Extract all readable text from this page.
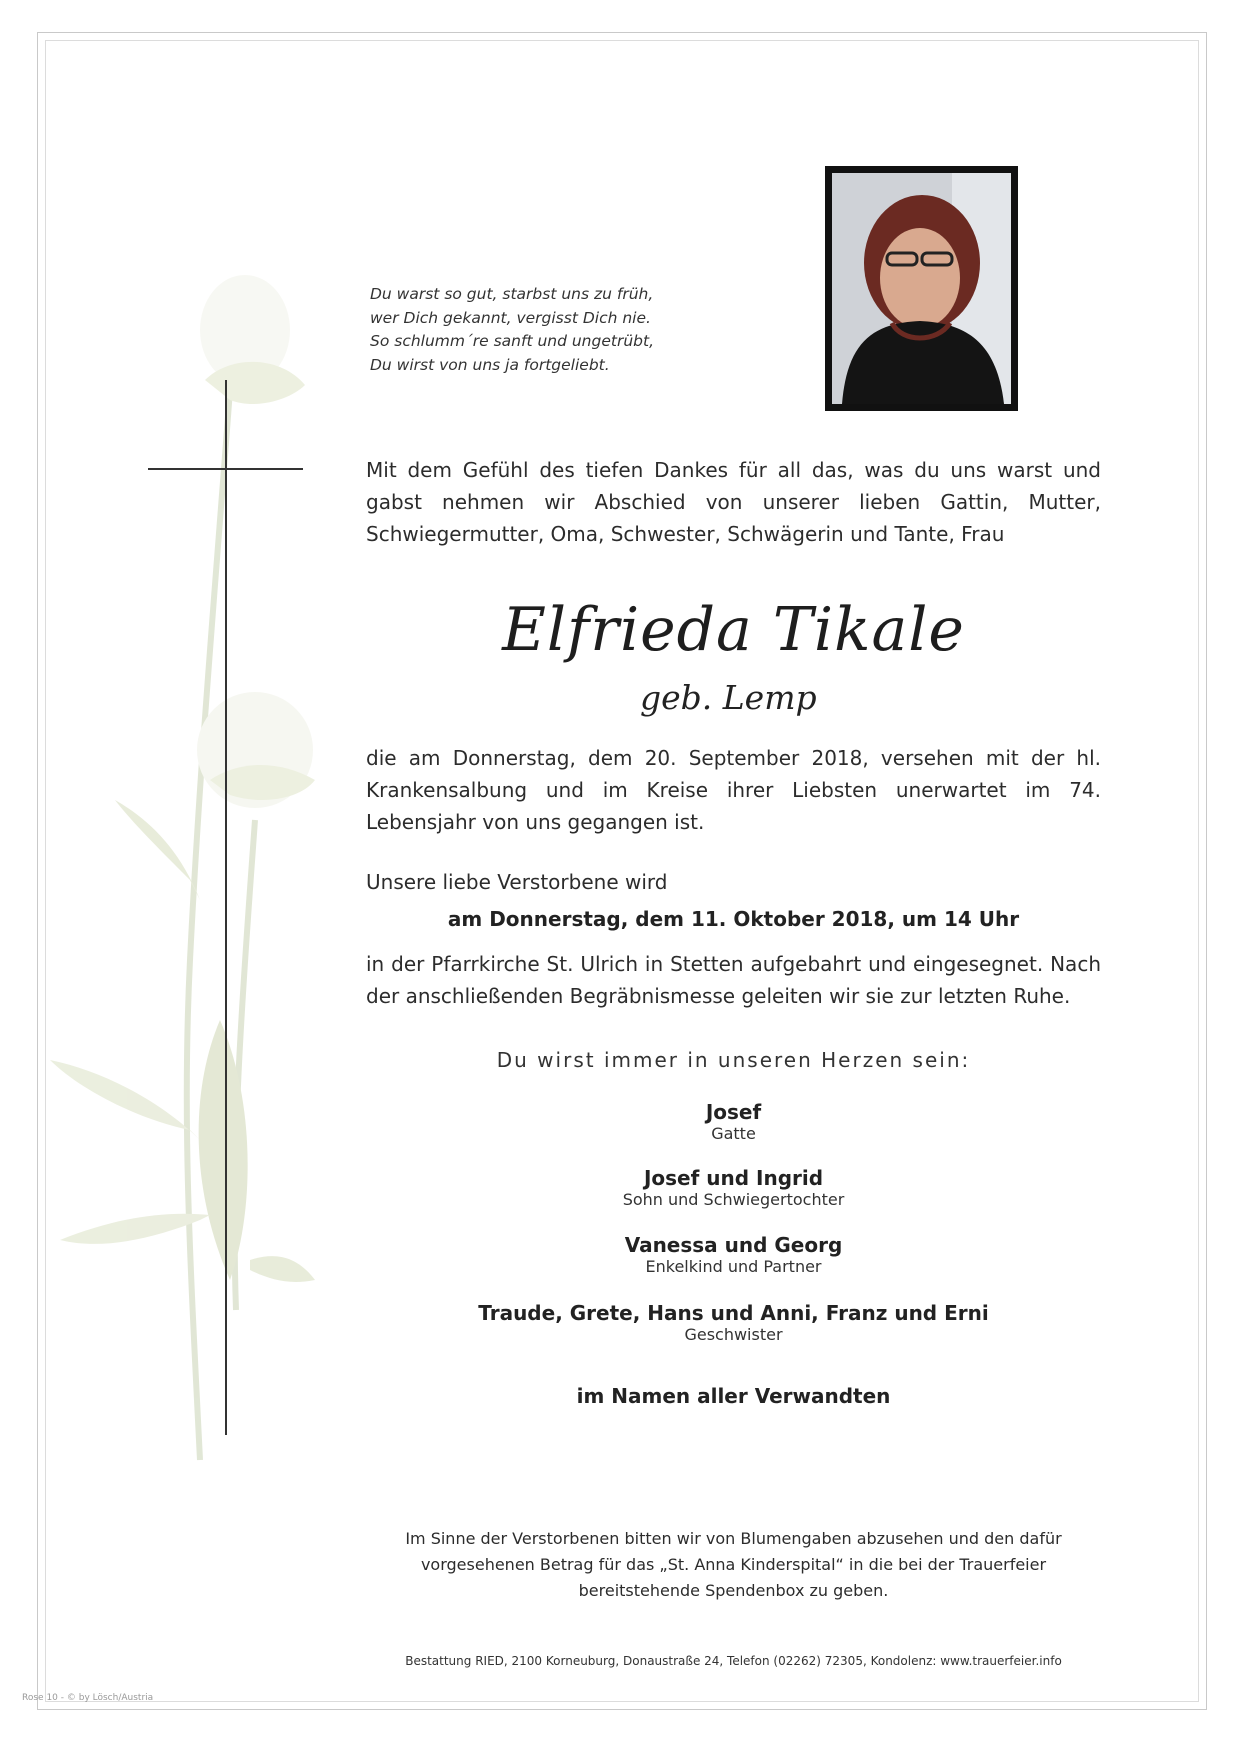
Du warst so gut, starbst uns zu früh,
wer Dich gekannt, vergisst Dich nie.
So schlumm´re sanft und ungetrübt,
Du wirst von uns ja fortgeliebt.
Mit dem Gefühl des tiefen Dankes für all das, was du uns warst und gabst nehmen wir Abschied von unserer lieben Gattin, Mutter, Schwiegermutter, Oma, Schwester, Schwägerin und Tante, Frau
Elfrieda Tikale
geb. Lemp
die am Donnerstag, dem 20. September 2018, versehen mit der hl. Krankensalbung und im Kreise ihrer Liebsten unerwartet im 74. Lebensjahr von uns gegangen ist.
Unsere liebe Verstorbene wird
am Donnerstag, dem 11. Oktober 2018, um 14 Uhr
in der Pfarrkirche St. Ulrich in Stetten aufgebahrt und eingesegnet. Nach der anschließenden Begräbnismesse geleiten wir sie zur letzten Ruhe.
Du wirst immer in unseren Herzen sein:
Josef
Gatte
Josef und Ingrid
Sohn und Schwiegertochter
Vanessa und Georg
Enkelkind und Partner
Traude, Grete, Hans und Anni, Franz und Erni
Geschwister
im Namen aller Verwandten
Im Sinne der Verstorbenen bitten wir von Blumengaben abzusehen und den dafür
vorgesehenen Betrag für das „St. Anna Kinderspital“ in die bei der Trauerfeier
bereitstehende Spendenbox zu geben.
Bestattung RIED, 2100 Korneuburg, Donaustraße 24, Telefon (02262) 72305, Kondolenz: www.trauerfeier.info
Rose 10 - © by Lösch/Austria
